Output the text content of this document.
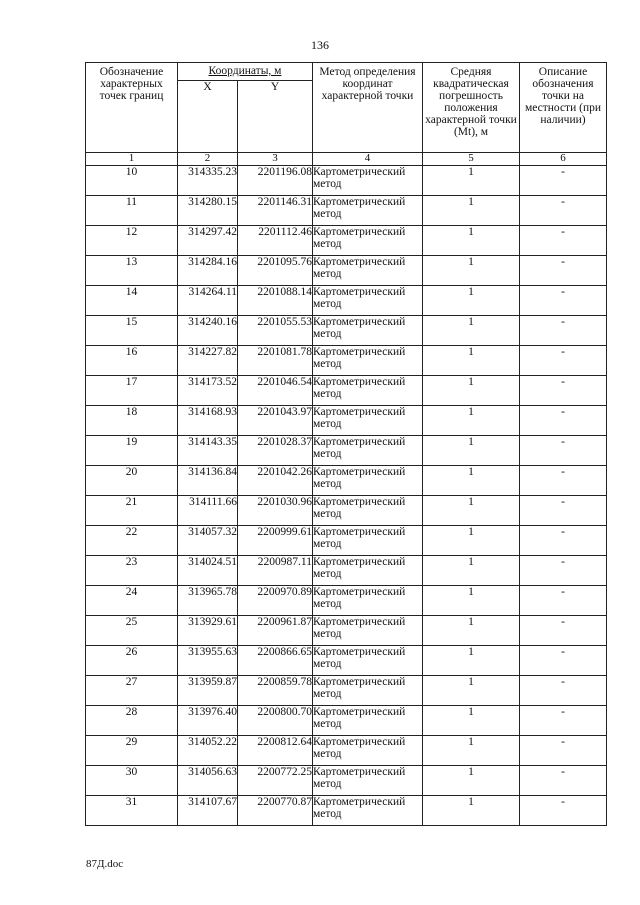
136
Обозначение характерных точек границ	Координаты, м		Метод определения координат характерной точки	Средняя квадратическая погрешность положения характерной точки (Mt), м	Описание обозначения точки на местности (при наличии)
	X	Y			
1	2	3	4	5	6
10	314335.23	2201196.08	Картометрический метод	1	-
11	314280.15	2201146.31	Картометрический метод	1	-
12	314297.42	2201112.46	Картометрический метод	1	-
13	314284.16	2201095.76	Картометрический метод	1	-
14	314264.11	2201088.14	Картометрический метод	1	-
15	314240.16	2201055.53	Картометрический метод	1	-
16	314227.82	2201081.78	Картометрический метод	1	-
17	314173.52	2201046.54	Картометрический метод	1	-
18	314168.93	2201043.97	Картометрический метод	1	-
19	314143.35	2201028.37	Картометрический метод	1	-
20	314136.84	2201042.26	Картометрический метод	1	-
21	314111.66	2201030.96	Картометрический метод	1	-
22	314057.32	2200999.61	Картометрический метод	1	-
23	314024.51	2200987.11	Картометрический метод	1	-
24	313965.78	2200970.89	Картометрический метод	1	-
25	313929.61	2200961.87	Картометрический метод	1	-
26	313955.63	2200866.65	Картометрический метод	1	-
27	313959.87	2200859.78	Картометрический метод	1	-
28	313976.40	2200800.70	Картометрический метод	1	-
29	314052.22	2200812.64	Картометрический метод	1	-
30	314056.63	2200772.25	Картометрический метод	1	-
31	314107.67	2200770.87	Картометрический метод	1	-
87Д.doc
